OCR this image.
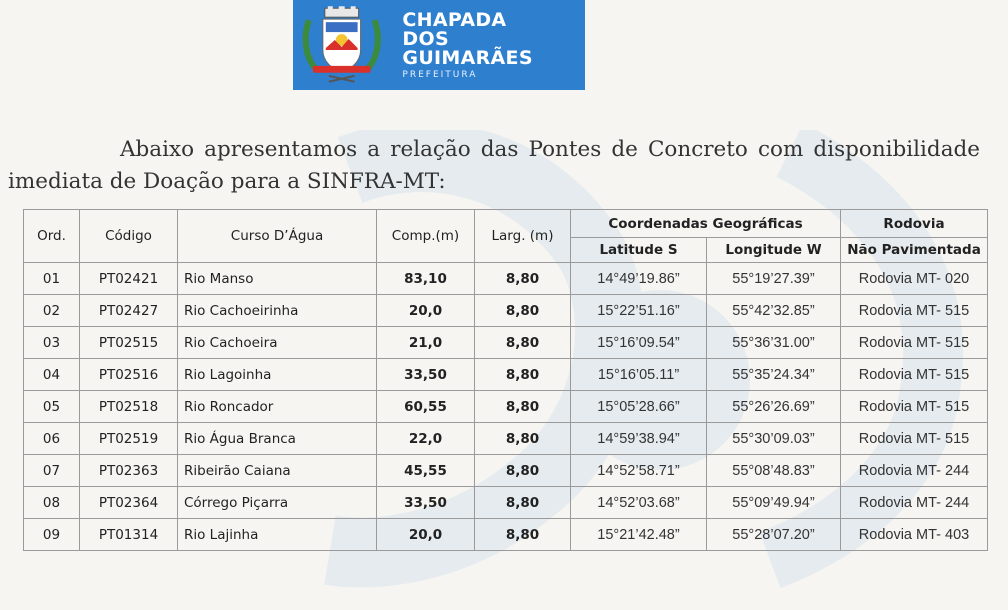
CHAPADA
DOS GUIMARÃES
PREFEITURA
Abaixo apresentamos a relação das Pontes de Concreto com disponibilidade imediata de Doação para a SINFRA-MT:
Ord.	Código	Curso D’Água	Comp.(m)	Larg. (m)	Coordenadas Geográficas		Rodovia
					Latitude S	Longitude W	Não Pavimentada
01	PT02421	Rio Manso	83,10	8,80	14°49’19.86”	55°19’27.39”	Rodovia MT- 020
02	PT02427	Rio Cachoeirinha	20,0	8,80	15°22’51.16”	55°42’32.85”	Rodovia MT- 515
03	PT02515	Rio Cachoeira	21,0	8,80	15°16’09.54”	55°36’31.00”	Rodovia MT- 515
04	PT02516	Rio Lagoinha	33,50	8,80	15°16’05.11”	55°35’24.34”	Rodovia MT- 515
05	PT02518	Rio Roncador	60,55	8,80	15°05’28.66”	55°26’26.69”	Rodovia MT- 515
06	PT02519	Rio Água Branca	22,0	8,80	14°59’38.94”	55°30’09.03”	Rodovia MT- 515
07	PT02363	Ribeirão Caiana	45,55	8,80	14°52’58.71”	55°08’48.83”	Rodovia MT- 244
08	PT02364	Córrego Piçarra	33,50	8,80	14°52’03.68”	55°09’49.94”	Rodovia MT- 244
09	PT01314	Rio Lajinha	20,0	8,80	15°21’42.48”	55°28’07.20”	Rodovia MT- 403
